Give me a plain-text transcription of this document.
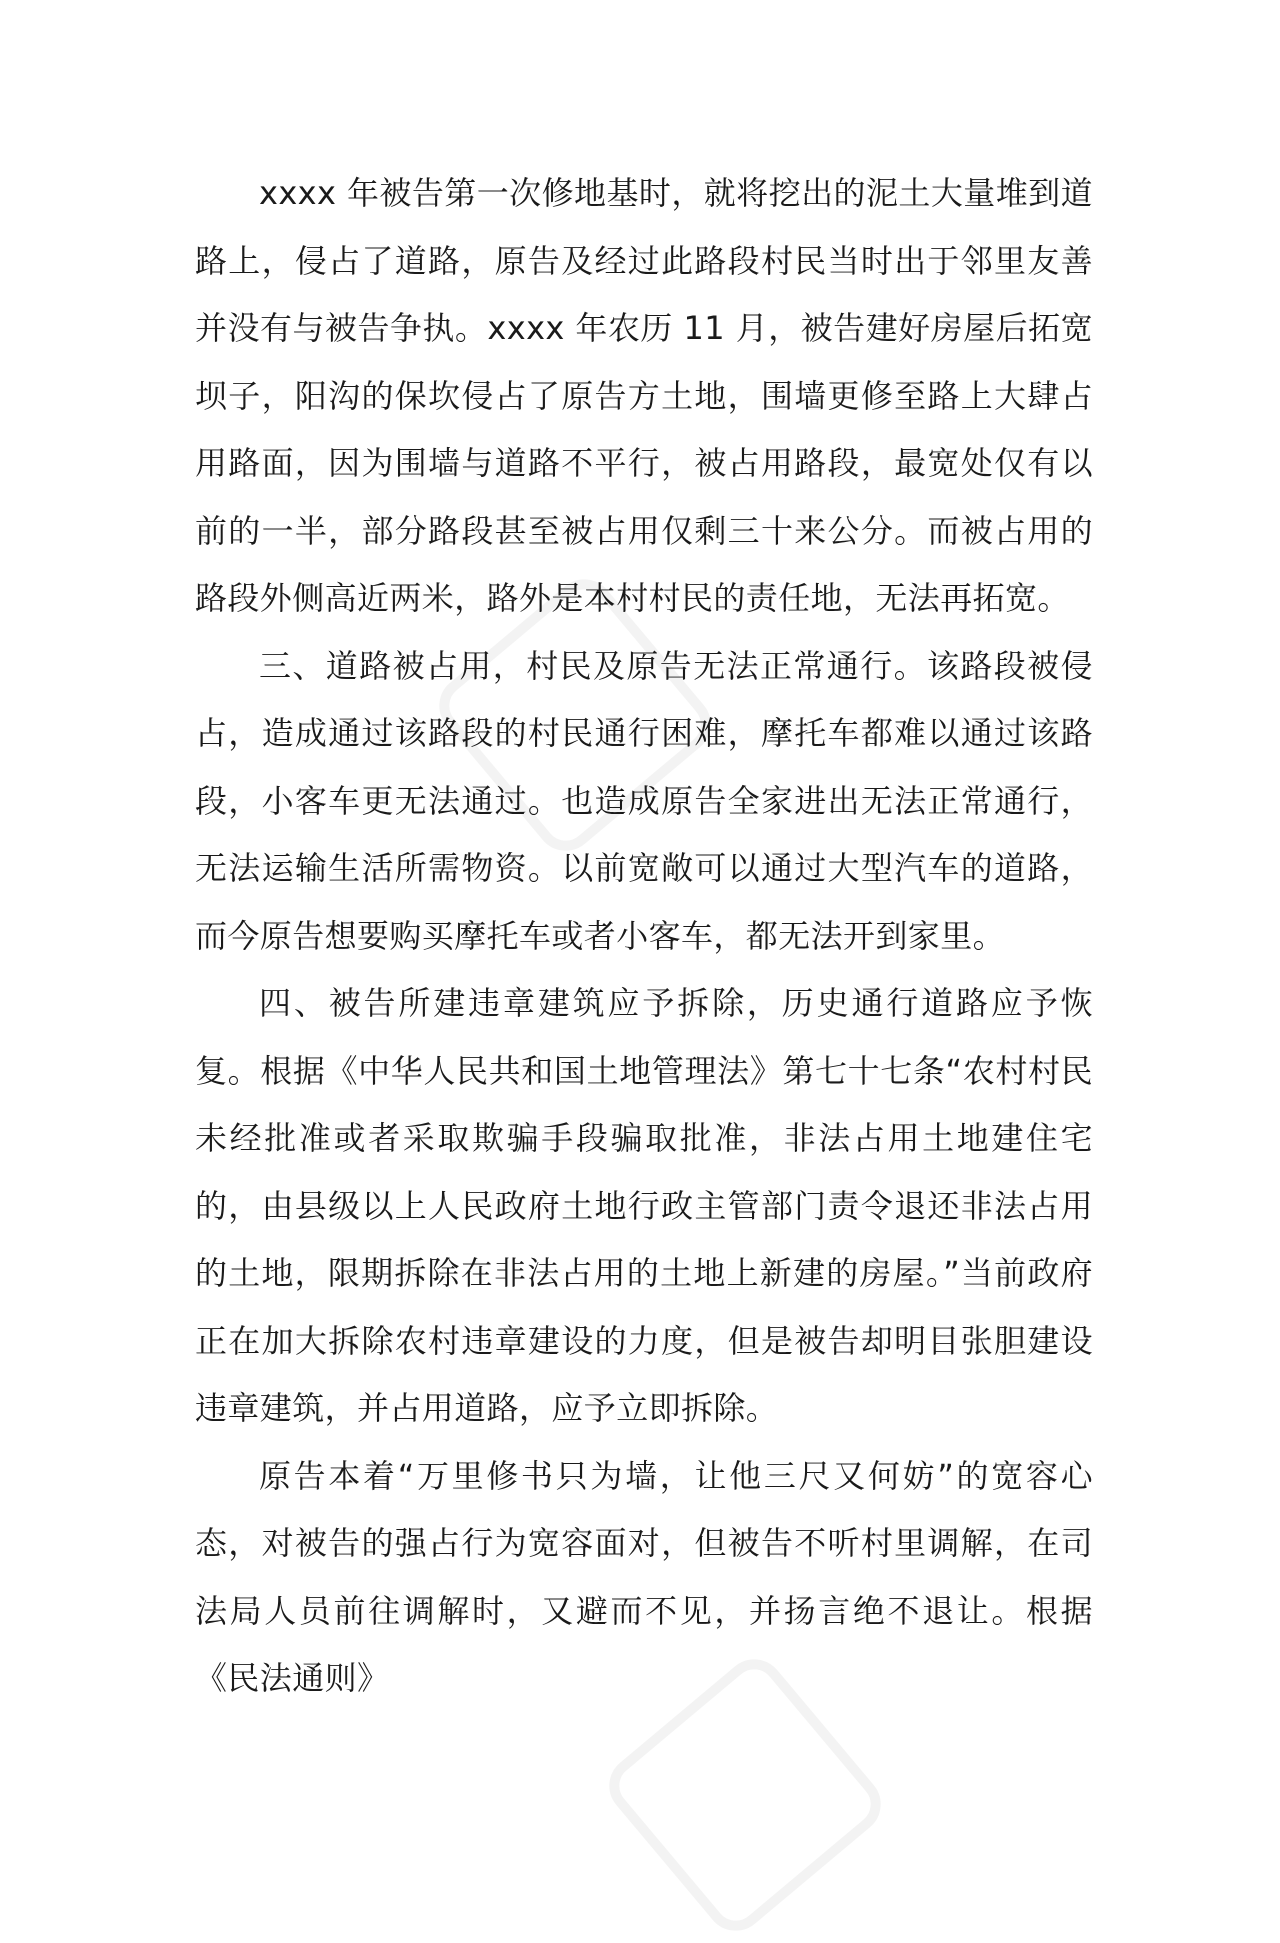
xxxx 年被告第一次修地基时，就将挖出的泥土大量堆到道路上，侵占了道路，原告及经过此路段村民当时出于邻里友善并没有与被告争执。xxxx 年农历 11 月，被告建好房屋后拓宽坝子，阳沟的保坎侵占了原告方土地，围墙更修至路上大肆占用路面，因为围墙与道路不平行，被占用路段，最宽处仅有以前的一半，部分路段甚至被占用仅剩三十来公分。而被占用的路段外侧高近两米，路外是本村村民的责任地，无法再拓宽。

三、道路被占用，村民及原告无法正常通行。该路段被侵占，造成通过该路段的村民通行困难，摩托车都难以通过该路段，小客车更无法通过。也造成原告全家进出无法正常通行，无法运输生活所需物资。以前宽敞可以通过大型汽车的道路，而今原告想要购买摩托车或者小客车，都无法开到家里。

四、被告所建违章建筑应予拆除，历史通行道路应予恢复。根据《中华人民共和国土地管理法》第七十七条“农村村民未经批准或者采取欺骗手段骗取批准，非法占用土地建住宅的，由县级以上人民政府土地行政主管部门责令退还非法占用的土地，限期拆除在非法占用的土地上新建的房屋。”当前政府正在加大拆除农村违章建设的力度，但是被告却明目张胆建设违章建筑，并占用道路，应予立即拆除。

原告本着“万里修书只为墙，让他三尺又何妨”的宽容心态，对被告的强占行为宽容面对，但被告不听村里调解，在司法局人员前往调解时，又避而不见，并扬言绝不退让。根据《民法通则》
